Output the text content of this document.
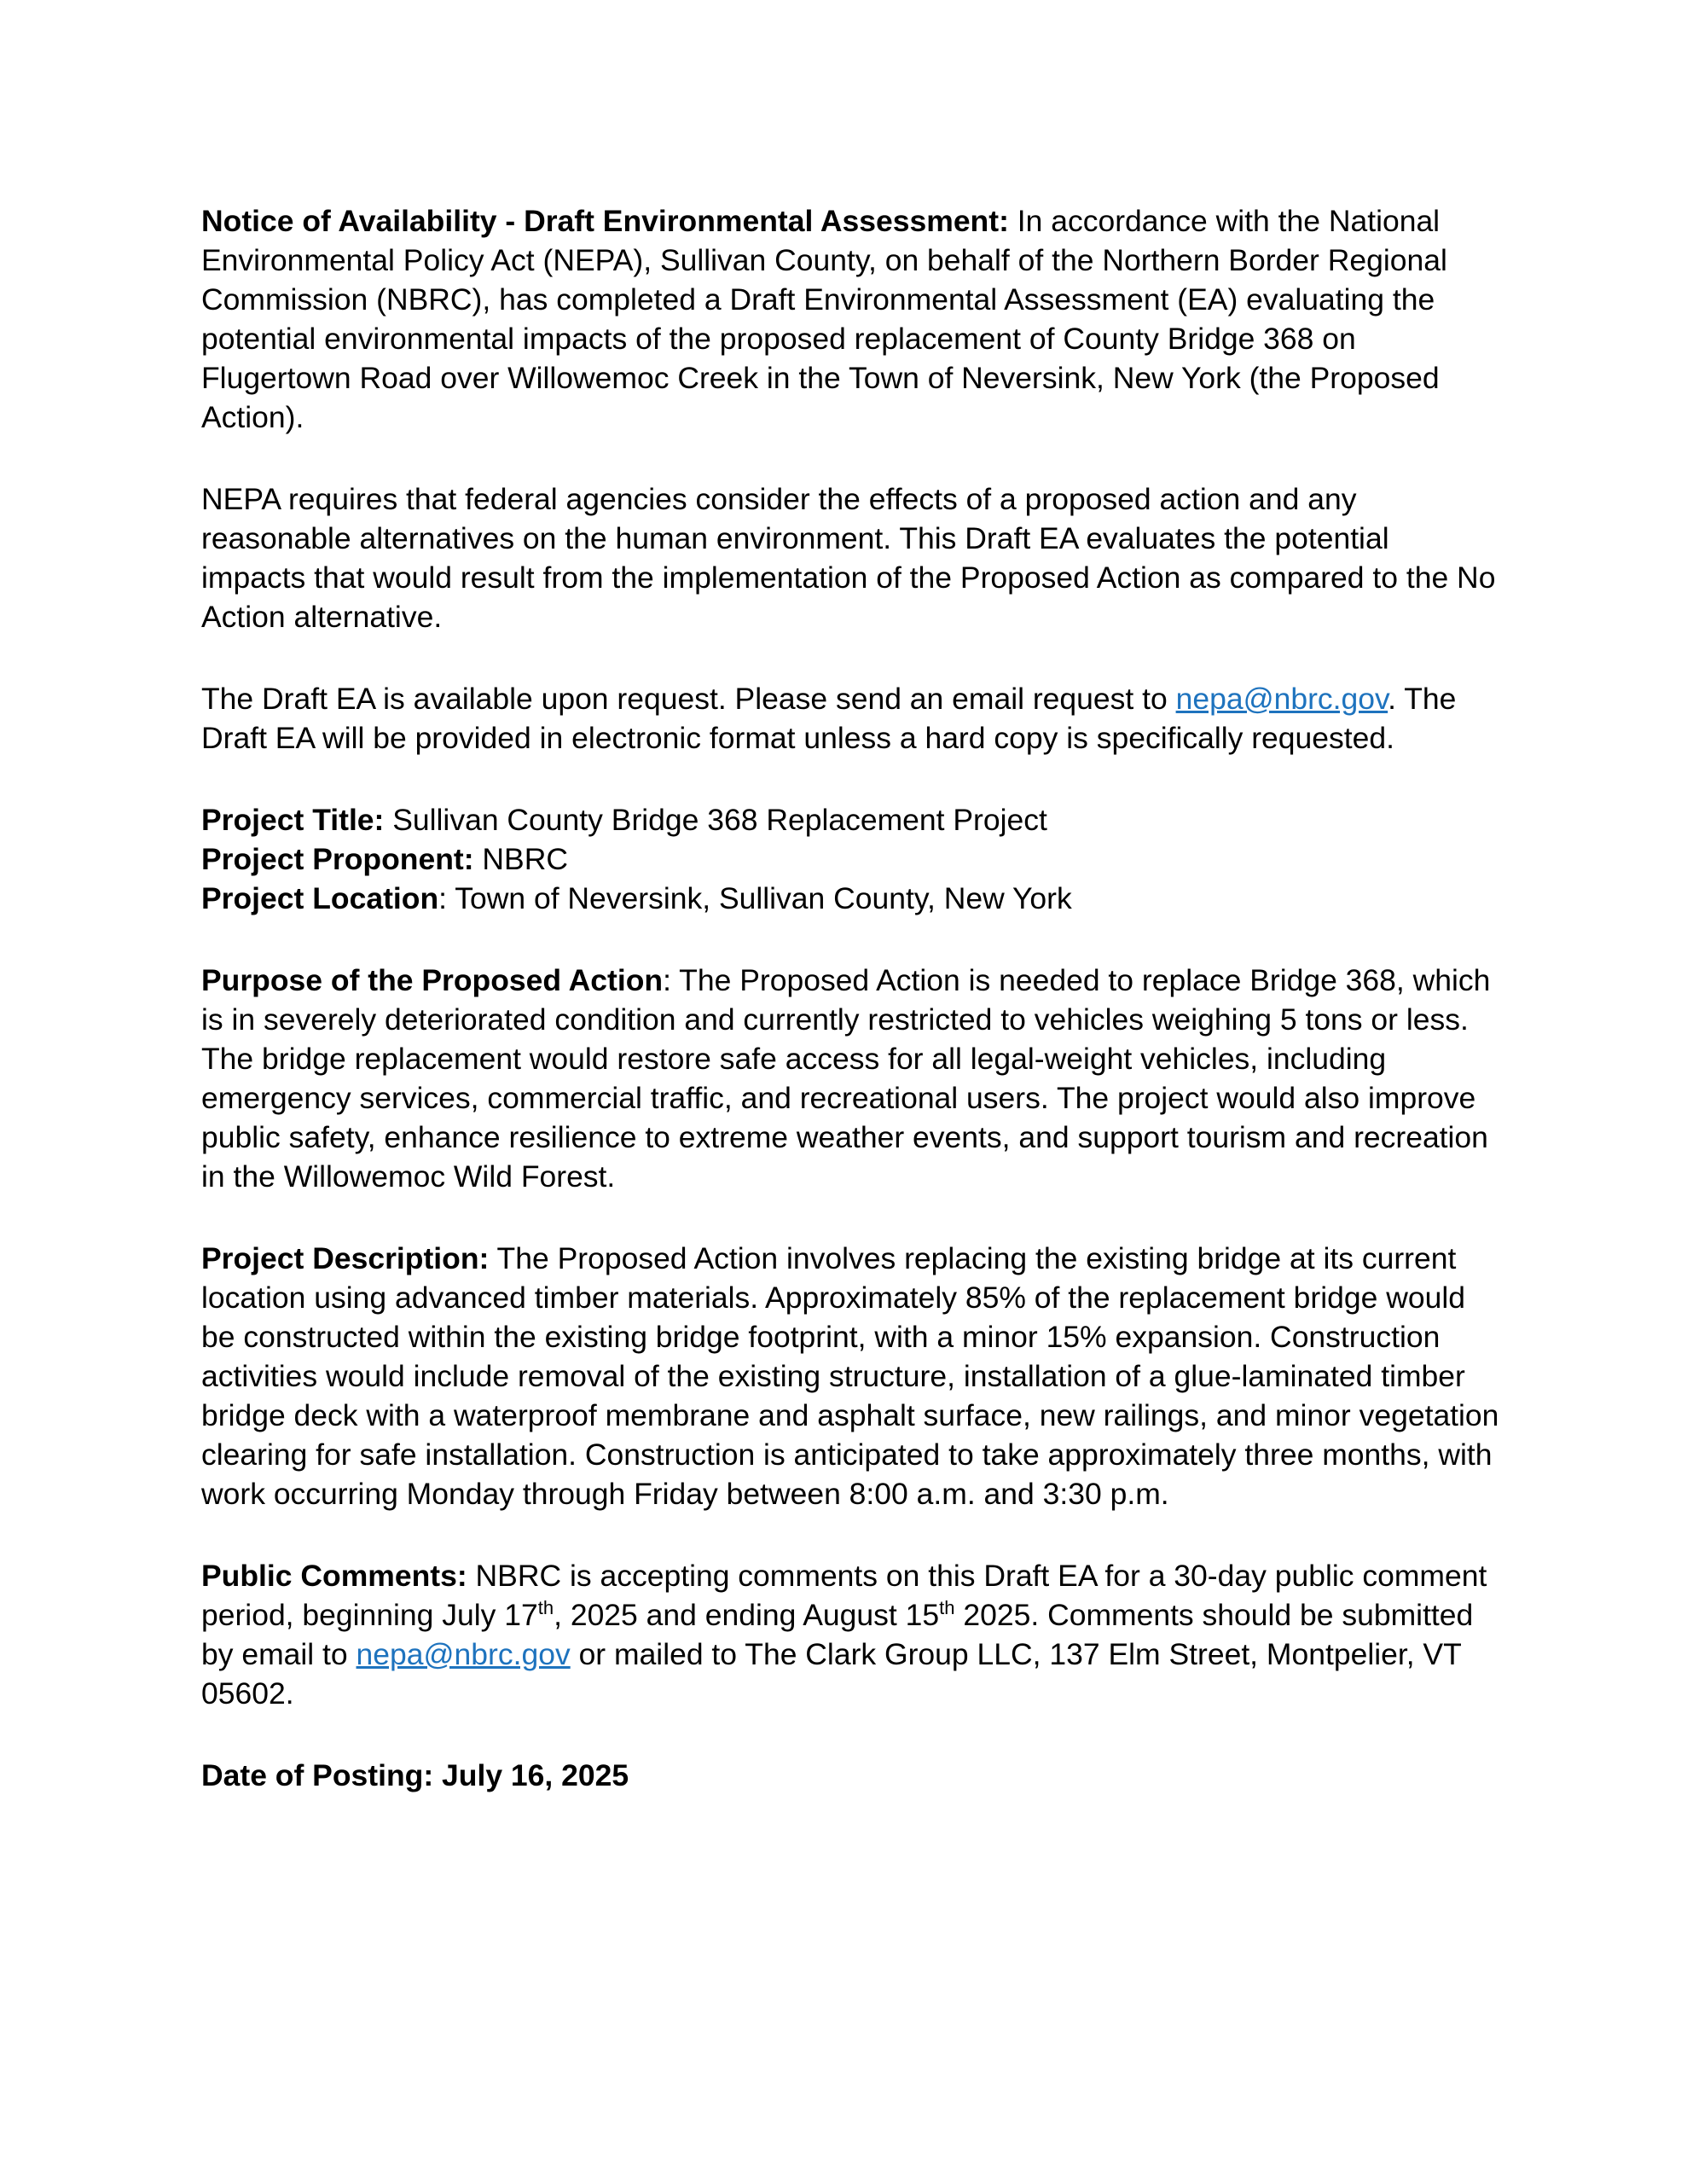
Notice of Availability - Draft Environmental Assessment: In accordance with the National Environmental Policy Act (NEPA), Sullivan County, on behalf of the Northern Border Regional Commission (NBRC), has completed a Draft Environmental Assessment (EA) evaluating the potential environmental impacts of the proposed replacement of County Bridge 368 on Flugertown Road over Willowemoc Creek in the Town of Neversink, New York (the Proposed Action).

NEPA requires that federal agencies consider the effects of a proposed action and any reasonable alternatives on the human environment. This Draft EA evaluates the potential impacts that would result from the implementation of the Proposed Action as compared to the No Action alternative.

The Draft EA is available upon request. Please send an email request to nepa@nbrc.gov. The Draft EA will be provided in electronic format unless a hard copy is specifically requested.

Project Title: Sullivan County Bridge 368 Replacement Project

Project Proponent: NBRC

Project Location: Town of Neversink, Sullivan County, New York

Purpose of the Proposed Action: The Proposed Action is needed to replace Bridge 368, which is in severely deteriorated condition and currently restricted to vehicles weighing 5 tons or less. The bridge replacement would restore safe access for all legal-weight vehicles, including emergency services, commercial traffic, and recreational users. The project would also improve public safety, enhance resilience to extreme weather events, and support tourism and recreation in the Willowemoc Wild Forest.

Project Description: The Proposed Action involves replacing the existing bridge at its current location using advanced timber materials. Approximately 85% of the replacement bridge would be constructed within the existing bridge footprint, with a minor 15% expansion. Construction activities would include removal of the existing structure, installation of a glue-laminated timber bridge deck with a waterproof membrane and asphalt surface, new railings, and minor vegetation clearing for safe installation. Construction is anticipated to take approximately three months, with work occurring Monday through Friday between 8:00 a.m. and 3:30 p.m.

Public Comments: NBRC is accepting comments on this Draft EA for a 30-day public comment period, beginning July 17th, 2025 and ending August 15th 2025. Comments should be submitted by email to nepa@nbrc.gov or mailed to The Clark Group LLC, 137 Elm Street, Montpelier, VT 05602.

Date of Posting: July 16, 2025
